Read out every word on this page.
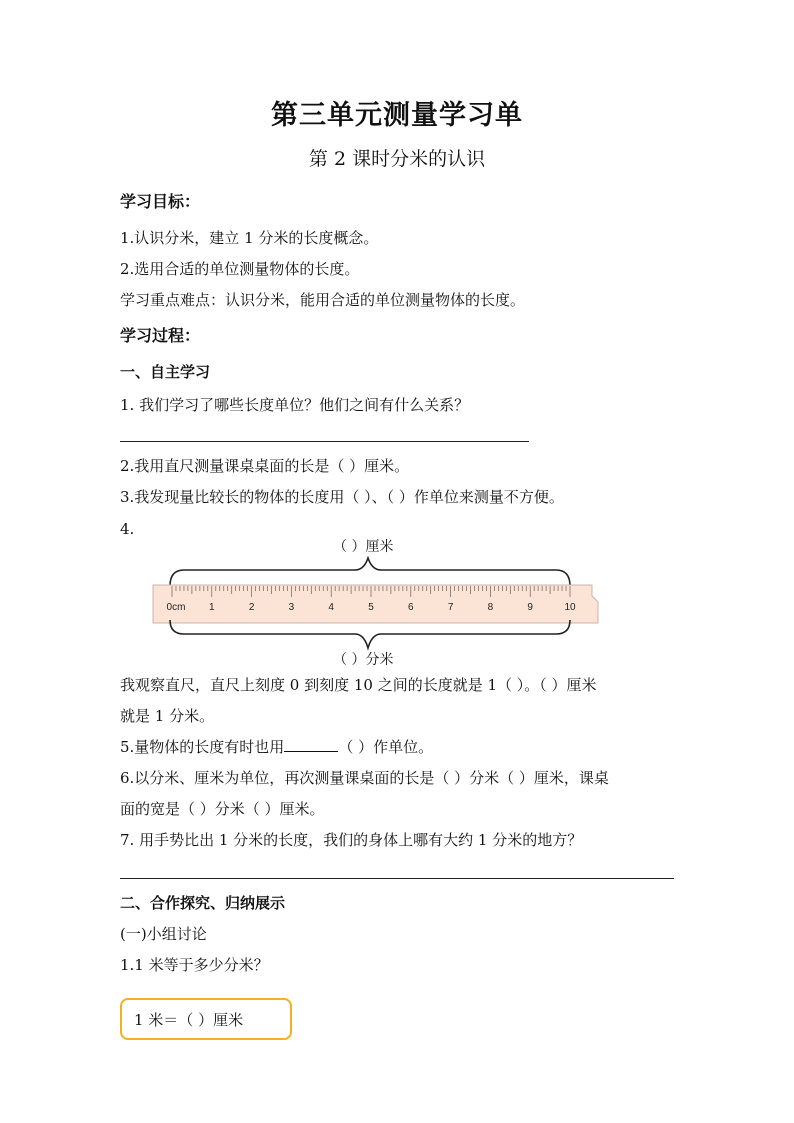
第三单元测量学习单
第 2 课时分米的认识
学习目标：
1.认识分米，建立 1 分米的长度概念。
2.选用合适的单位测量物体的长度。
学习重点难点：认识分米，能用合适的单位测量物体的长度。
学习过程：
一、自主学习
1. 我们学习了哪些长度单位？他们之间有什么关系？
2.我用直尺测量课桌桌面的长是（ ）厘米。
3.我发现量比较长的物体的长度用（ ）、（ ）作单位来测量不方便。
4.
（ ）厘米
0cm 1	2	3	4	5	6	7	8	9	10
（ ）分米
我观察直尺，直尺上刻度 0 到刻度 10 之间的长度就是 1（ ）。（ ）厘米
就是 1 分米。
5.量物体的长度有时也用	（ ）作单位。
6.以分米、厘米为单位，再次测量课桌面的长是（ ）分米（ ）厘米，课桌
面的宽是（ ）分米（ ）厘米。
7. 用手势比出 1 分米的长度，我们的身体上哪有大约 1 分米的地方？
二、合作探究、归纳展示
(一)小组讨论
1.1 米等于多少分米？
1 米＝（ ）厘米
